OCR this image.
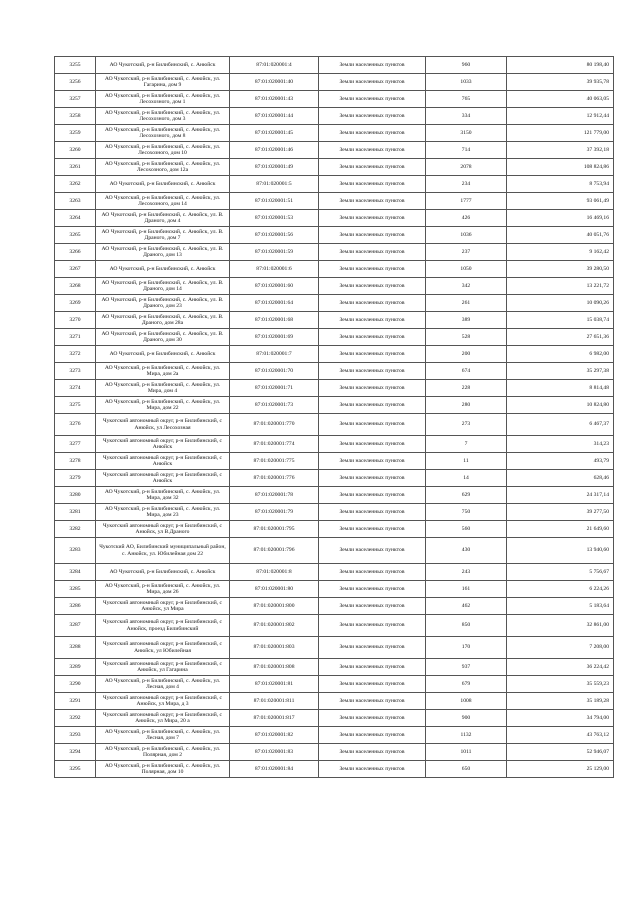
3255	АО Чукотский, р-н Билибинский, с. Анюйск	87:01:020001:4	Земли населенных пунктов	960	80 198,40
3256	АО Чукотский, р-н Билибинский, с. Анюйск, ул. Гагарина, дом 9	87:01:020001:40	Земли населенных пунктов	1033	39 935,78
3257	АО Чукотский, р-н Билибинский, с. Анюйск, ул. Лесохозного, дом 1	87:01:020001:43	Земли населенных пунктов	765	40 063,05
3258	АО Чукотский, р-н Билибинский, с. Анюйск, ул. Лесохозного, дом 3	87:01:020001:44	Земли населенных пунктов	334	12 912,44
3259	АО Чукотский, р-н Билибинский, с. Анюйск, ул. Лесохозного, дом 8	87:01:020001:45	Земли населенных пунктов	3150	121 779,00
3260	АО Чукотский, р-н Билибинский, с. Анюйск, ул. Лесохозного, дом 10	87:01:020001:46	Земли населенных пунктов	714	37 392,18
3261	АО Чукотский, р-н Билибинский, с. Анюйск, ул. Лесохозного, дом 12а	87:01:020001:49	Земли населенных пунктов	2078	108 824,86
3262	АО Чукотский, р-н Билибинский, с. Анюйск	87:01:020001:5	Земли населенных пунктов	234	8 753,94
3263	АО Чукотский, р-н Билибинский, с. Анюйск, ул. Лесохозного, дом 14	87:01:020001:51	Земли населенных пунктов	1777	93 061,49
3264	АО Чукотский, р-н Билибинский, с. Анюйск, ул. В. Драного, дом 4	87:01:020001:53	Земли населенных пунктов	426	16 469,16
3265	АО Чукотский, р-н Билибинский, с. Анюйск, ул. В. Драного, дом 7	87:01:020001:56	Земли населенных пунктов	1036	40 051,76
3266	АО Чукотский, р-н Билибинский, с. Анюйск, ул. В. Драного, дом 13	87:01:020001:59	Земли населенных пунктов	237	9 162,42
3267	АО Чукотский, р-н Билибинский, с. Анюйск	87:01:020001:6	Земли населенных пунктов	1050	39 280,50
3268	АО Чукотский, р-н Билибинский, с. Анюйск, ул. В. Драного, дом 14	87:01:020001:60	Земли населенных пунктов	342	13 221,72
3269	АО Чукотский, р-н Билибинский, с. Анюйск, ул. В. Драного, дом 23	87:01:020001:64	Земли населенных пунктов	261	10 090,26
3270	АО Чукотский, р-н Билибинский, с. Анюйск, ул. В. Драного, дом 28а	87:01:020001:68	Земли населенных пунктов	389	15 038,74
3271	АО Чукотский, р-н Билибинский, с. Анюйск, ул. В. Драного, дом 30	87:01:020001:69	Земли населенных пунктов	528	27 651,36
3272	АО Чукотский, р-н Билибинский, с. Анюйск	87:01:020001:7	Земли населенных пунктов	200	6 982,00
3273	АО Чукотский, р-н Билибинский, с. Анюйск, ул. Мира, дом 2а	87:01:020001:70	Земли населенных пунктов	674	35 297,38
3274	АО Чукотский, р-н Билибинский, с. Анюйск, ул. Мира, дом 4	87:01:020001:71	Земли населенных пунктов	228	8 814,48
3275	АО Чукотский, р-н Билибинский, с. Анюйск, ул. Мира, дом 22	87:01:020001:73	Земли населенных пунктов	280	10 824,80
3276	Чукотский автономный округ, р-н Билибинский, с Анюйск, ул Лесохозная	87:01:020001:770	Земли населенных пунктов	273	6 467,37
3277	Чукотский автономный округ, р-н Билибинский, с Анюйск	87:01:020001:774	Земли населенных пунктов	7	314,23
3278	Чукотский автономный округ, р-н Билибинский, с Анюйск	87:01:020001:775	Земли населенных пунктов	11	493,79
3279	Чукотский автономный округ, р-н Билибинский, с Анюйск	87:01:020001:776	Земли населенных пунктов	14	628,46
3280	АО Чукотский, р-н Билибинский, с. Анюйск, ул. Мира, дом 32	87:01:020001:78	Земли населенных пунктов	629	24 317,14
3281	АО Чукотский, р-н Билибинский, с. Анюйск, ул. Мира, дом 23	87:01:020001:79	Земли населенных пунктов	750	39 277,50
3282	Чукотский автономный округ, р-н Билибинский, с Анюйск, ул В.Драного	87:01:020001:795	Земли населенных пунктов	560	21 649,60
3283	Чукотский АО, Билибинский муниципальный район, с. Анюйск, ул. Юбилейная дом 22	87:01:020001:796	Земли населенных пунктов	430	13 940,60
3284	АО Чукотский, р-н Билибинский, с. Анюйск	87:01:020001:8	Земли населенных пунктов	243	5 756,67
3285	АО Чукотский, р-н Билибинский, с. Анюйск, ул. Мира, дом 26	87:01:020001:80	Земли населенных пунктов	161	6 224,26
3286	Чукотский автономный округ, р-н Билибинский, с Анюйск, ул Мира	87:01:020001:800	Земли населенных пунктов	462	5 183,64
3287	Чукотский автономный округ, р-н Билибинский, с Анюйск, проезд Билибинский	87:01:020001:802	Земли населенных пунктов	850	32 861,00
3288	Чукотский автономный округ, р-н Билибинский, с Анюйск, ул Юбилейная	87:01:020001:803	Земли населенных пунктов	170	7 208,00
3289	Чукотский автономный округ, р-н Билибинский, с Анюйск, ул Гагарина	87:01:020001:808	Земли населенных пунктов	937	36 224,42
3290	АО Чукотский, р-н Билибинский, с. Анюйск, ул. Лесная, дом 4	87:01:020001:81	Земли населенных пунктов	679	35 559,23
3291	Чукотский автономный округ, р-н Билибинский, с Анюйск, ул Мира, д 3	87:01:020001:811	Земли населенных пунктов	1008	35 189,28
3292	Чукотский автономный округ, р-н Билибинский, с Анюйск, ул Мира, 20 а	87:01:020001:817	Земли населенных пунктов	900	34 794,00
3293	АО Чукотский, р-н Билибинский, с. Анюйск, ул. Лесная, дом 7	87:01:020001:82	Земли населенных пунктов	1132	43 763,12
3294	АО Чукотский, р-н Билибинский, с. Анюйск, ул. Полярная, дом 2	87:01:020001:83	Земли населенных пунктов	1011	52 946,07
3295	АО Чукотский, р-н Билибинский, с. Анюйск, ул. Полярная, дом 10	87:01:020001:84	Земли населенных пунктов	650	25 129,00
